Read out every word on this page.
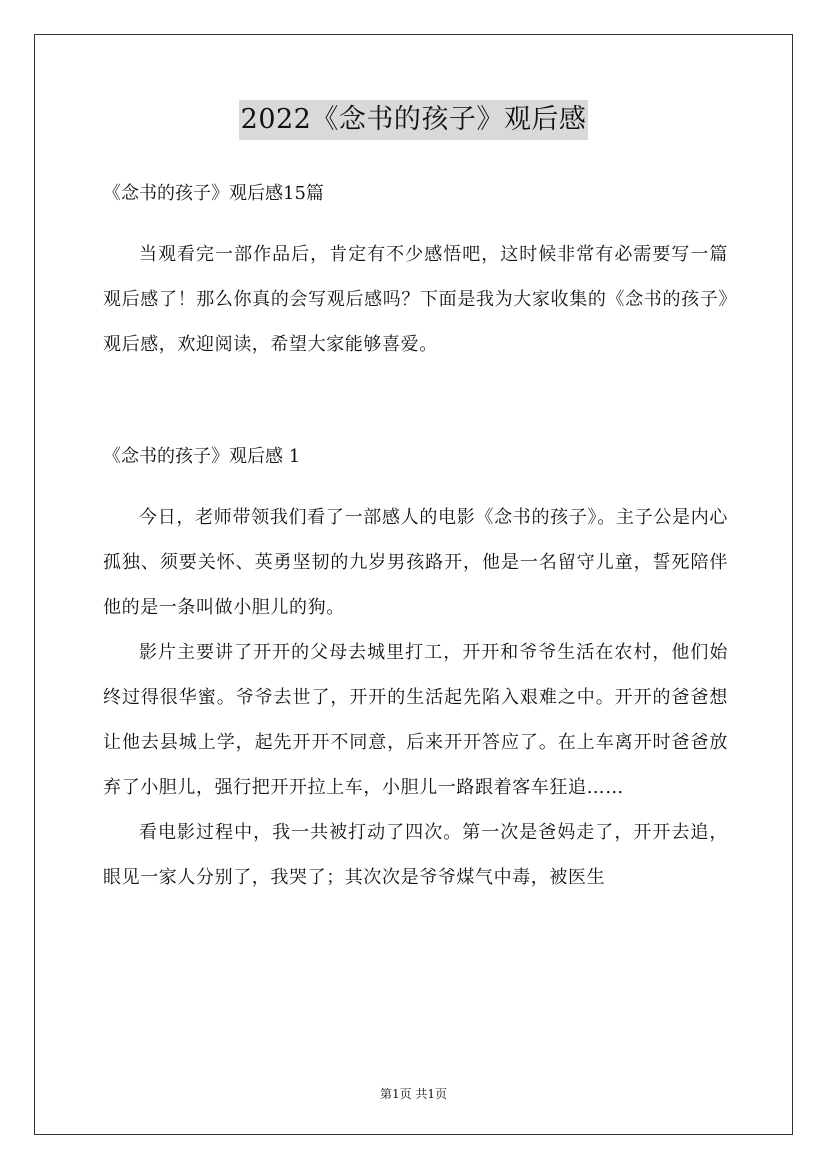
2022《念书的孩子》观后感

《念书的孩子》观后感15篇

当观看完一部作品后，肯定有不少感悟吧，这时候非常有必需要写一篇观后感了！那么你真的会写观后感吗？下面是我为大家收集的《念书的孩子》观后感，欢迎阅读，希望大家能够喜爱。

《念书的孩子》观后感 1

今日，老师带领我们看了一部感人的电影《念书的孩子》。主子公是内心孤独、须要关怀、英勇坚韧的九岁男孩路开，他是一名留守儿童，誓死陪伴他的是一条叫做小胆儿的狗。

影片主要讲了开开的父母去城里打工，开开和爷爷生活在农村，他们始终过得很华蜜。爷爷去世了，开开的生活起先陷入艰难之中。开开的爸爸想让他去县城上学，起先开开不同意，后来开开答应了。在上车离开时爸爸放弃了小胆儿，强行把开开拉上车，小胆儿一路跟着客车狂追……

看电影过程中，我一共被打动了四次。第一次是爸妈走了，开开去追，眼见一家人分别了，我哭了；其次次是爷爷煤气中毒，被医生

第1页 共1页
